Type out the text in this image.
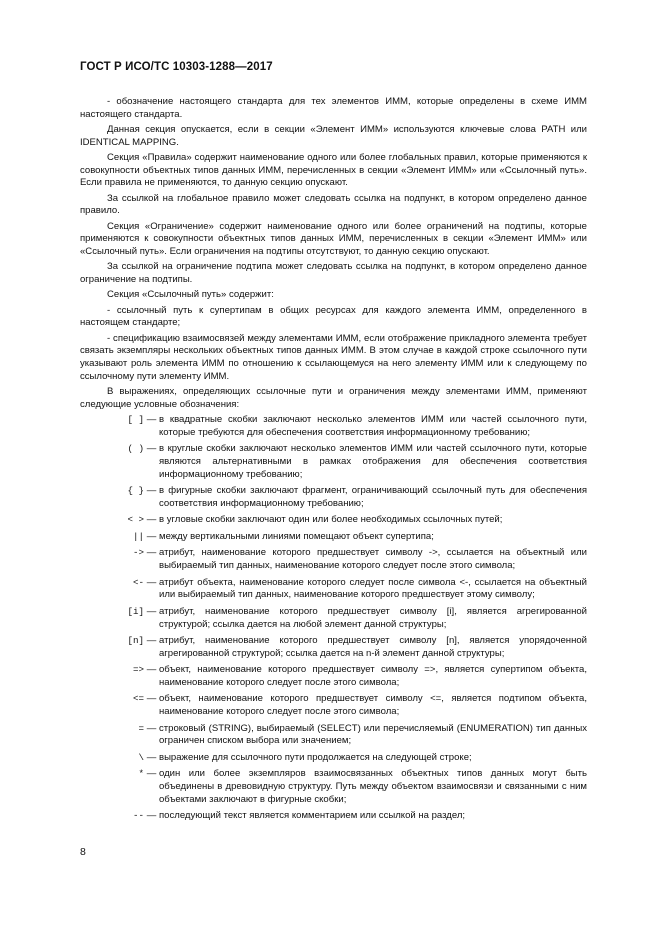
ГОСТ Р ИСО/ТС 10303-1288—2017

- обозначение настоящего стандарта для тех элементов ИММ, которые определены в схеме ИММ настоящего стандарта.

Данная секция опускается, если в секции «Элемент ИММ» используются ключевые слова PATH или IDENTICAL MAPPING.

Секция «Правила» содержит наименование одного или более глобальных правил, которые применяются к совокупности объектных типов данных ИММ, перечисленных в секции «Элемент ИММ» или «Ссылочный путь». Если правила не применяются, то данную секцию опускают.

За ссылкой на глобальное правило может следовать ссылка на подпункт, в котором определено данное правило.

Секция «Ограничение» содержит наименование одного или более ограничений на подтипы, которые применяются к совокупности объектных типов данных ИММ, перечисленных в секции «Элемент ИММ» или «Ссылочный путь». Если ограничения на подтипы отсутствуют, то данную секцию опускают.

За ссылкой на ограничение подтипа может следовать ссылка на подпункт, в котором определено данное ограничение на подтипы.

Секция «Ссылочный путь» содержит:

- ссылочный путь к супертипам в общих ресурсах для каждого элемента ИММ, определенного в настоящем стандарте;

- спецификацию взаимосвязей между элементами ИММ, если отображение прикладного элемента требует связать экземпляры нескольких объектных типов данных ИММ. В этом случае в каждой строке ссылочного пути указывают роль элемента ИММ по отношению к ссылающемуся на него элементу ИММ или к следующему по ссылочному пути элементу ИММ.

В выражениях, определяющих ссылочные пути и ограничения между элементами ИММ, применяют следующие условные обозначения:

[ ] — в квадратные скобки заключают несколько элементов ИММ или частей ссылочного пути, которые требуются для обеспечения соответствия информационному требованию;
( ) — в круглые скобки заключают несколько элементов ИММ или частей ссылочного пути, которые являются альтернативными в рамках отображения для обеспечения соответствия информационному требованию;
{ } — в фигурные скобки заключают фрагмент, ограничивающий ссылочный путь для обеспечения соответствия информационному требованию;
< > — в угловые скобки заключают один или более необходимых ссылочных путей;
|| — между вертикальными линиями помещают объект супертипа;
-> — атрибут, наименование которого предшествует символу ->, ссылается на объектный или выбираемый тип данных, наименование которого следует после этого символа;
<- — атрибут объекта, наименование которого следует после символа <-, ссылается на объектный или выбираемый тип данных, наименование которого предшествует этому символу;
[i] — атрибут, наименование которого предшествует символу [i], является агрегированной структурой; ссылка дается на любой элемент данной структуры;
[n] — атрибут, наименование которого предшествует символу [n], является упорядоченной агрегированной структурой; ссылка дается на n-й элемент данной структуры;
=> — объект, наименование которого предшествует символу =>, является супертипом объекта, наименование которого следует после этого символа;
<= — объект, наименование которого предшествует символу <=, является подтипом объекта, наименование которого следует после этого символа;
= — строковый (STRING), выбираемый (SELECT) или перечисляемый (ENUMERATION) тип данных ограничен списком выбора или значением;
\ — выражение для ссылочного пути продолжается на следующей строке;
* — один или более экземпляров взаимосвязанных объектных типов данных могут быть объединены в древовидную структуру. Путь между объектом взаимосвязи и связанными с ним объектами заключают в фигурные скобки;
-- — последующий текст является комментарием или ссылкой на раздел;
8
